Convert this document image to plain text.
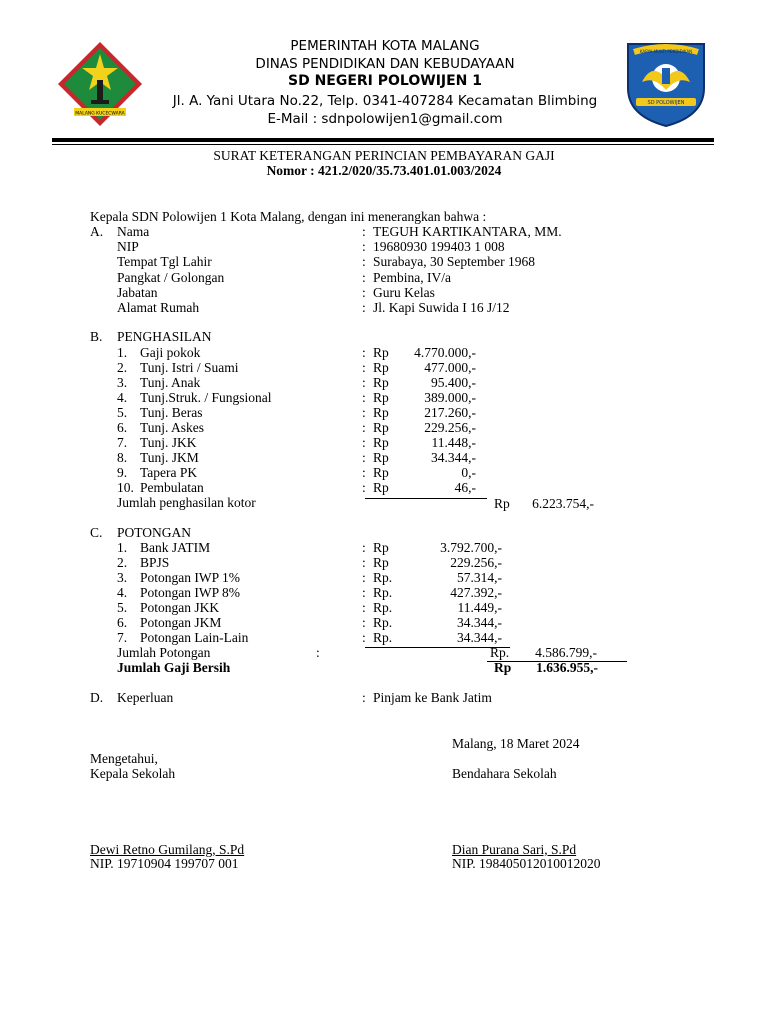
MALANG KUCECWARA
KARYA MUKTI PENDIDIKAN
SD POLOWIJEN
PEMERINTAH KOTA MALANG
DINAS PENDIDIKAN DAN KEBUDAYAAN
SD NEGERI POLOWIJEN 1
Jl. A. Yani Utara No.22, Telp. 0341-407284 Kecamatan Blimbing
E-Mail : sdnpolowijen1@gmail.com
SURAT KETERANGAN PERINCIAN PEMBAYARAN GAJI
Nomor : 421.2/020/35.73.401.01.003/2024
Kepala SDN Polowijen 1 Kota Malang, dengan ini menerangkan bahwa :
A. Nama	: TEGUH KARTIKANTARA, MM.
NIP	: 19680930 199403 1 008
Tempat Tgl Lahir	: Surabaya, 30 September 1968
Pangkat / Golongan	: Pembina, IV/a
Jabatan	: Guru Kelas
Alamat Rumah	: Jl. Kapi Suwida I 16 J/12
B. PENGHASILAN
1. Gaji pokok	: Rp	4.770.000,-
2. Tunj. Istri / Suami	: Rp	477.000,-
3. Tunj. Anak	: Rp	95.400,-
4. Tunj.Struk. / Fungsional	: Rp	389.000,-
5. Tunj. Beras	: Rp	217.260,-
6. Tunj. Askes	: Rp	229.256,-
7. Tunj. JKK	: Rp	11.448,-
8. Tunj. JKM	: Rp	34.344,-
9. Tapera PK	: Rp	0,-
10. Pembulatan	: Rp	46,-
Jumlah penghasilan kotor	Rp	6.223.754,-
C. POTONGAN
1. Bank JATIM	: Rp	3.792.700,-
2. BPJS	: Rp	229.256,-
3. Potongan IWP 1%	: Rp.	57.314,-
4. Potongan IWP 8%	: Rp.	427.392,-
5. Potongan JKK	: Rp.	11.449,-
6. Potongan JKM	: Rp.	34.344,-
7. Potongan Lain-Lain	: Rp.	34.344,-
Jumlah Potongan	:	Rp.	4.586.799,-
Jumlah Gaji Bersih	Rp	1.636.955,-
D. Keperluan	: Pinjam ke Bank Jatim
Malang, 18 Maret 2024
Mengetahui,
Kepala Sekolah	Bendahara Sekolah
Dewi Retno Gumilang, S.Pd
NIP. 19710904 199707 001
Dian Purana Sari, S.Pd
NIP. 198405012010012020
